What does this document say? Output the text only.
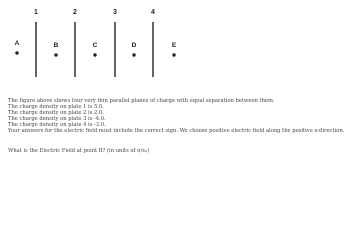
1	2	3	4
A	B	C	D	E
The figure above shows four very thin parallel planes of charge with equal separation between them.
The charge density on plate 1 is 5.0.
The charge density on plate 2 is 2.0.
The charge density on plate 3 is -4.0.
The charge density on plate 4 is -3.0.
Your answers for the electric field must include the correct sign. We choose positive electric field along the positive x-direction.
What is the Electric Field at point B? (in units of σ/ε₀)
